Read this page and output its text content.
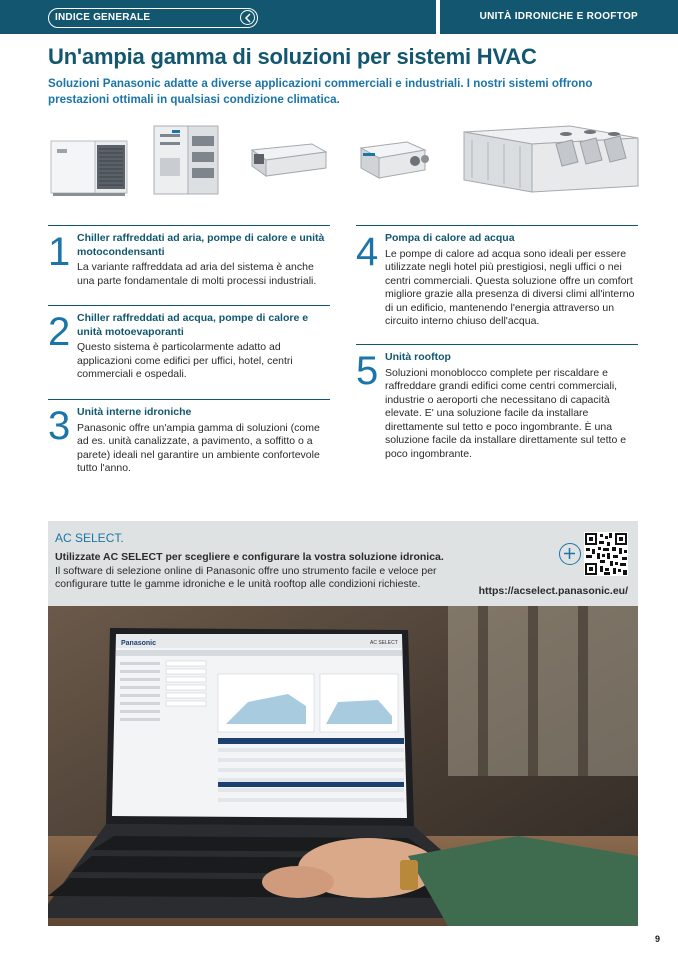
INDICE GENERALE	UNITÀ IDRONICHE E ROOFTOP
Un'ampia gamma di soluzioni per sistemi HVAC

Soluzioni Panasonic adatte a diverse applicazioni commerciali e industriali. I nostri sistemi offrono prestazioni ottimali in qualsiasi condizione climatica.

1 Chiller raffreddati ad aria, pompe di calore e unità motocondensanti
La variante raffreddata ad aria del sistema è anche una parte fondamentale di molti processi industriali.
2 Chiller raffreddati ad acqua, pompe di calore e unità motoevaporanti
Questo sistema è particolarmente adatto ad applicazioni come edifici per uffici, hotel, centri commerciali e ospedali.
3 Unità interne idroniche
Panasonic offre un'ampia gamma di soluzioni (come ad es. unità canalizzate, a pavimento, a soffitto o a parete) ideali nel garantire un ambiente confortevole tutto l'anno.
4 Pompa di calore ad acqua
Le pompe di calore ad acqua sono ideali per essere utilizzate negli hotel più prestigiosi, negli uffici o nei centri commerciali. Questa soluzione offre un comfort migliore grazie alla presenza di diversi climi all'interno di un edificio, mantenendo l'energia attraverso un circuito interno chiuso dell'acqua.
5 Unità rooftop
Soluzioni monoblocco complete per riscaldare e raffreddare grandi edifici come centri commerciali, industrie o aeroporti che necessitano di capacità elevate. E' una soluzione facile da installare direttamente sul tetto e poco ingombrante. È una soluzione facile da installare direttamente sul tetto e poco ingombrante.
AC SELECT.
Utilizzate AC SELECT per scegliere e configurare la vostra soluzione idronica.
Il software di selezione online di Panasonic offre uno strumento facile e veloce per configurare tutte le gamme idroniche e le unità rooftop alle condizioni richieste.
https://acselect.panasonic.eu/
Panasonic	AC SELECT
9
